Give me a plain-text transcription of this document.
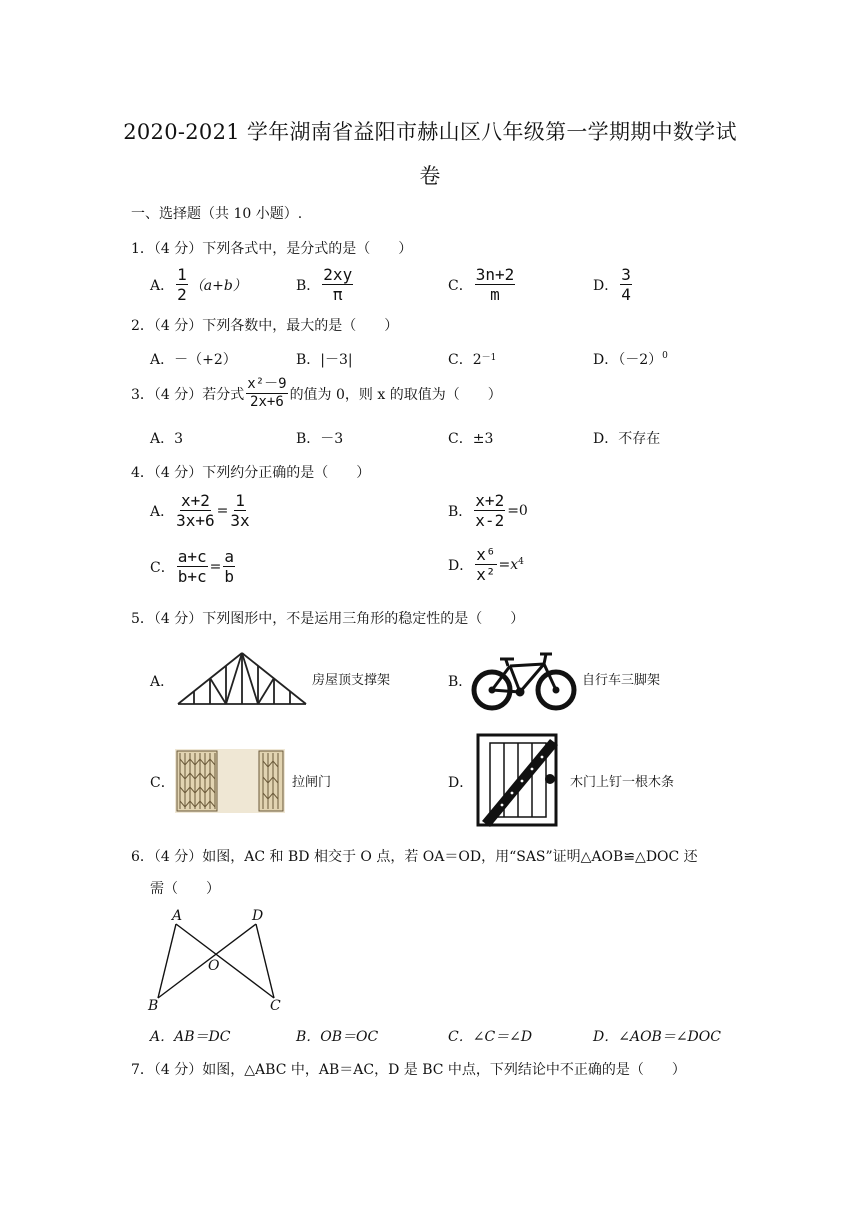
2020-2021 学年湖南省益阳市赫山区八年级第一学期期中数学试
卷
一、选择题（共 10 小题）.
1．（4 分）下列各式中，是分式的是（　　）
A． $\frac{1}{2} (a+b)$	B． $\frac{2xy}{\pi}$	C． $\frac{3n+2}{m}$	D． $\frac{3}{4}$
2．（4 分）下列各数中，最大的是（　　）
A．－（+2）	B．|－3|	C．$2^{-1}$	D．$(-2)^0$
3．（4 分）若分式 $\frac{\text{x²－9}}{2x+6}$ 的值为 0，则 x 的取值为（　　）
A．3	B．－3	C．±3	D．不存在
4．（4 分）下列约分正确的是（　　）
A． $\frac{x+2}{3x+6} = \frac{1}{3x}$	B． $\frac{x+2}{x-2} =0$
C． $\frac{a+c}{b+c} = \frac{a}{b}$	D． $\frac{\text{x⁶}}{\text{x²}} =x^4$
5．（4 分）下列图形中，不是运用三角形的稳定性的是（　　）
A．	房屋顶支撑架	B．	自行车三脚架
C．	拉闸门	D．	木门上钉一根木条
6．（4 分）如图，AC 和 BD 相交于 O 点，若 OA＝OD，用“SAS”证明△AOB≌△DOC 还
需（　　）
A	D
O
B	C
A．AB＝DC	B．OB＝OC	C．∠C＝∠D	D．∠AOB＝∠DOC
7．（4 分）如图，△ABC 中，AB＝AC，D 是 BC 中点，下列结论中不正确的是（　　）
